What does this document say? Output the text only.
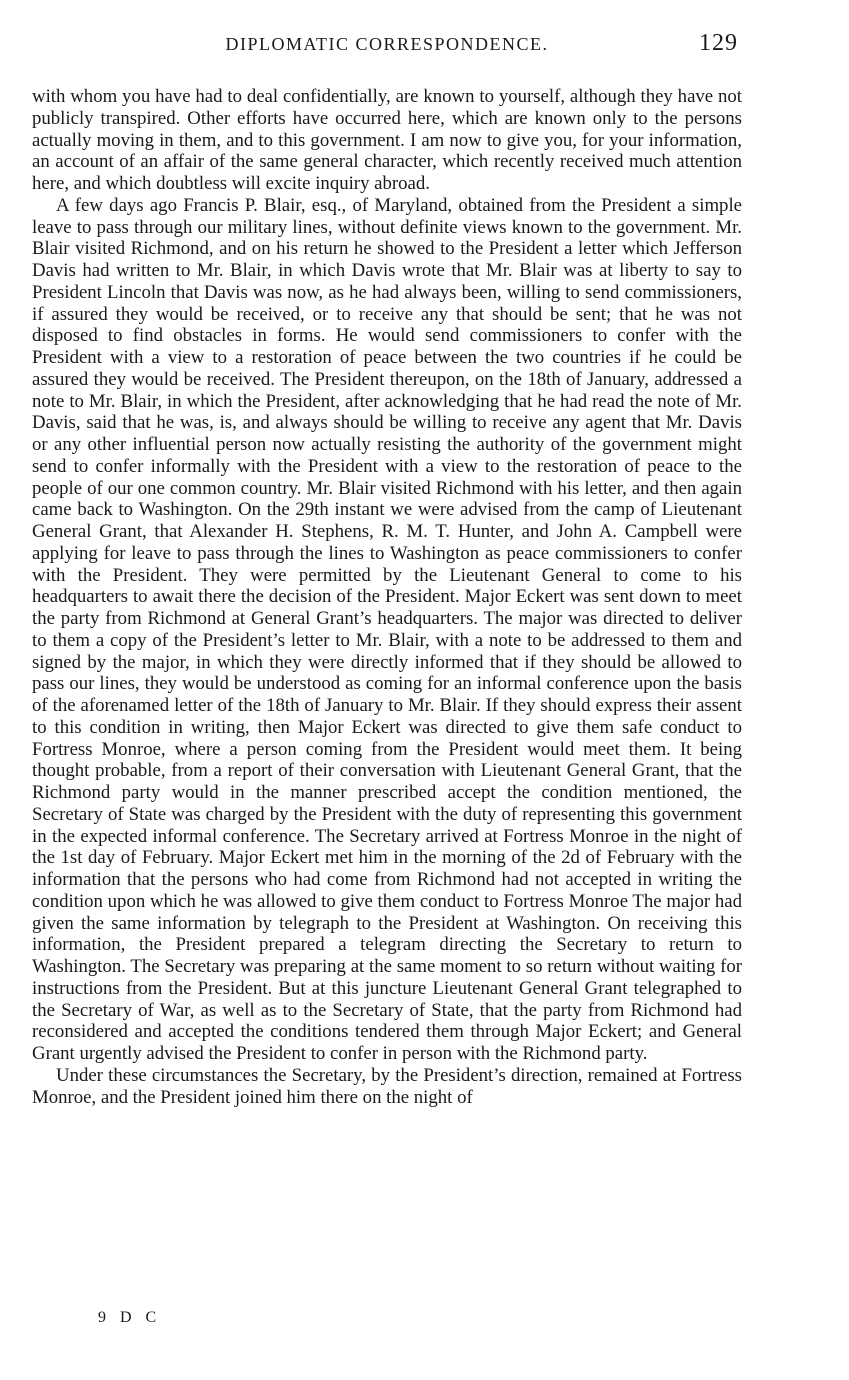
DIPLOMATIC CORRESPONDENCE.	129

with whom you have had to deal confidentially, are known to yourself, although they have not publicly transpired. Other efforts have occurred here, which are known only to the persons actually moving in them, and to this government. I am now to give you, for your information, an account of an affair of the same general character, which recently received much attention here, and which doubtless will excite inquiry abroad.

A few days ago Francis P. Blair, esq., of Maryland, obtained from the President a simple leave to pass through our military lines, without definite views known to the government. Mr. Blair visited Richmond, and on his return he showed to the President a letter which Jefferson Davis had written to Mr. Blair, in which Davis wrote that Mr. Blair was at liberty to say to President Lincoln that Davis was now, as he had always been, willing to send commissioners, if assured they would be received, or to receive any that should be sent; that he was not disposed to find obstacles in forms. He would send commissioners to confer with the President with a view to a restoration of peace between the two countries if he could be assured they would be received. The President thereupon, on the 18th of January, addressed a note to Mr. Blair, in which the President, after acknowledging that he had read the note of Mr. Davis, said that he was, is, and always should be willing to receive any agent that Mr. Davis or any other influential person now actually resisting the authority of the government might send to confer informally with the President with a view to the restoration of peace to the people of our one common country. Mr. Blair visited Richmond with his letter, and then again came back to Washington. On the 29th instant we were advised from the camp of Lieutenant General Grant, that Alexander H. Stephens, R. M. T. Hunter, and John A. Campbell were applying for leave to pass through the lines to Washington as peace commissioners to confer with the President. They were permitted by the Lieutenant General to come to his headquarters to await there the decision of the President. Major Eckert was sent down to meet the party from Richmond at General Grant’s headquarters. The major was directed to deliver to them a copy of the President’s letter to Mr. Blair, with a note to be addressed to them and signed by the major, in which they were directly informed that if they should be allowed to pass our lines, they would be understood as coming for an informal conference upon the basis of the aforenamed letter of the 18th of January to Mr. Blair. If they should express their assent to this condition in writing, then Major Eckert was directed to give them safe conduct to Fortress Monroe, where a person coming from the President would meet them. It being thought probable, from a report of their conversation with Lieutenant General Grant, that the Richmond party would in the manner prescribed accept the condition mentioned, the Secretary of State was charged by the President with the duty of representing this government in the expected informal conference. The Secretary arrived at Fortress Monroe in the night of the 1st day of February. Major Eckert met him in the morning of the 2d of February with the information that the persons who had come from Richmond had not accepted in writing the condition upon which he was allowed to give them conduct to Fortress Monroe The major had given the same information by telegraph to the President at Washington. On receiving this information, the President prepared a telegram directing the Secretary to return to Washington. The Secretary was preparing at the same moment to so return without waiting for instructions from the President. But at this juncture Lieutenant General Grant telegraphed to the Secretary of War, as well as to the Secretary of State, that the party from Richmond had reconsidered and accepted the conditions tendered them through Major Eckert; and General Grant urgently advised the President to confer in person with the Richmond party.

Under these circumstances the Secretary, by the President’s direction, remained at Fortress Monroe, and the President joined him there on the night of

9 D C
